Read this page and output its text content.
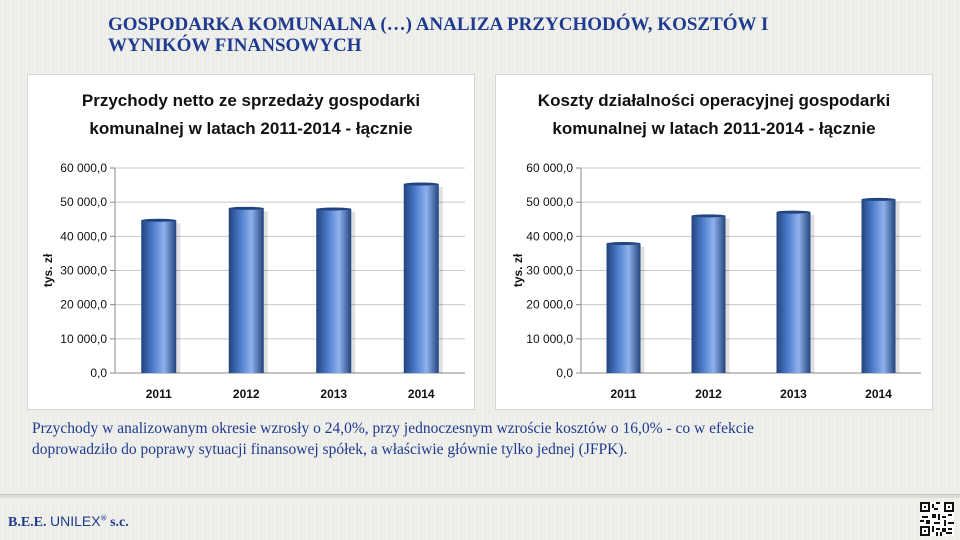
GOSPODARKA KOMUNALNA (…) ANALIZA PRZYCHODÓW, KOSZTÓW I
WYNIKÓW FINANSOWYCH
Przychody netto ze sprzedaży gospodarki
komunalnej w latach 2011-2014 - łącznie
0,0
10 000,0
20 000,0
30 000,0
40 000,0
50 000,0
60 000,0
tys. zł
2011	2012	2013	2014
Koszty działalności operacyjnej gospodarki
komunalnej w latach 2011-2014 - łącznie
0,0
10 000,0
20 000,0
30 000,0
40 000,0
50 000,0
60 000,0
tys. zł
2011	2012	2013	2014

Przychody w analizowanym okresie wzrosły o 24,0%, przy jednoczesnym wzroście kosztów o 16,0% - co w efekcie
doprowadziło do poprawy sytuacji finansowej spółek, a właściwie głównie tylko jednej (JFPK).

B.E.E. UNILEX® s.c.
